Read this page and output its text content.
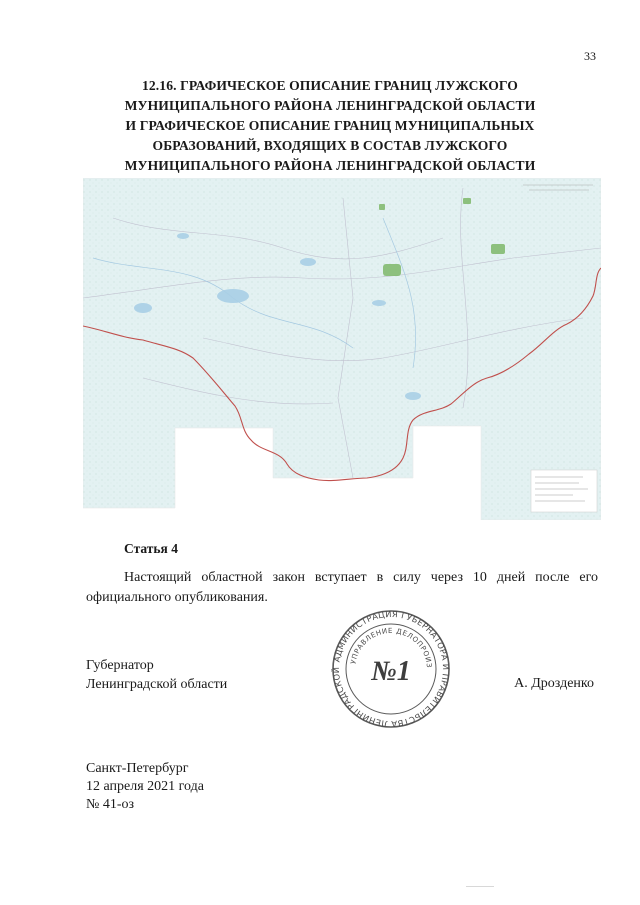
33
12.16. ГРАФИЧЕСКОЕ ОПИСАНИЕ ГРАНИЦ ЛУЖСКОГО
МУНИЦИПАЛЬНОГО РАЙОНА ЛЕНИНГРАДСКОЙ ОБЛАСТИ
И ГРАФИЧЕСКОЕ ОПИСАНИЕ ГРАНИЦ МУНИЦИПАЛЬНЫХ
ОБРАЗОВАНИЙ, ВХОДЯЩИХ В СОСТАВ ЛУЖСКОГО
МУНИЦИПАЛЬНОГО РАЙОНА ЛЕНИНГРАДСКОЙ ОБЛАСТИ
Статья 4
Настоящий областной закон вступает в силу через 10 дней после его официального опубликования.
Губернатор
Ленинградской области
АДМИНИСТРАЦИЯ ГУБЕРНАТОРА И ПРАВИТЕЛЬСТВА ЛЕНИНГРАДСКОЙ
УПРАВЛЕНИЕ ДЕЛОПРОИЗ
№1	А. Дрозденко
Санкт-Петербург
12 апреля 2021 года
№ 41-оз
